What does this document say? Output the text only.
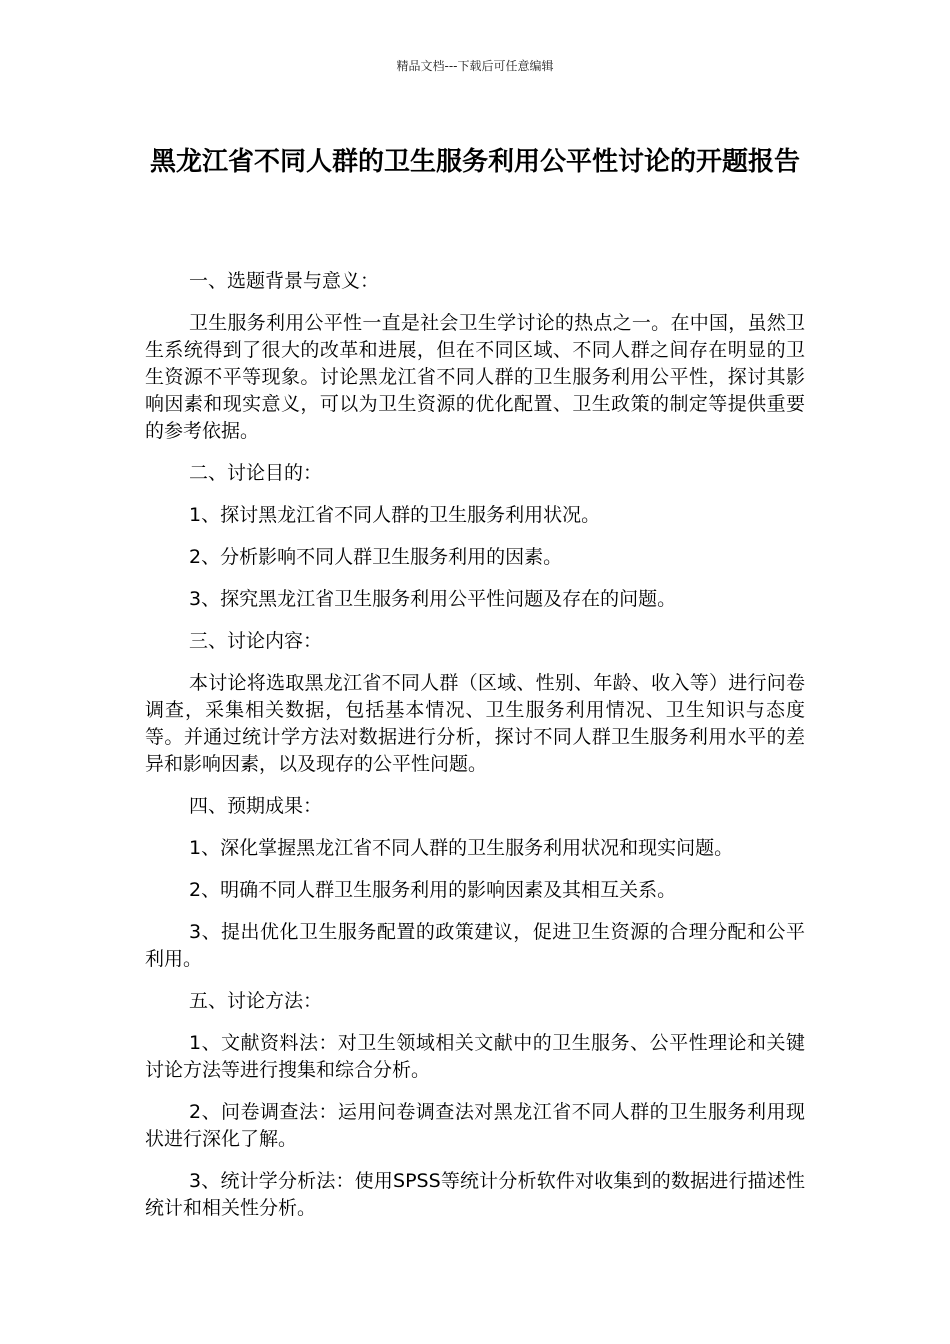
精品文档---下载后可任意编辑
黑龙江省不同人群的卫生服务利用公平性讨论的开题报告

一、选题背景与意义：

卫生服务利用公平性一直是社会卫生学讨论的热点之一。在中国，虽然卫生系统得到了很大的改革和进展，但在不同区域、不同人群之间存在明显的卫生资源不平等现象。讨论黑龙江省不同人群的卫生服务利用公平性，探讨其影响因素和现实意义，可以为卫生资源的优化配置、卫生政策的制定等提供重要的参考依据。

二、讨论目的：

1、探讨黑龙江省不同人群的卫生服务利用状况。

2、分析影响不同人群卫生服务利用的因素。

3、探究黑龙江省卫生服务利用公平性问题及存在的问题。

三、讨论内容：

本讨论将选取黑龙江省不同人群（区域、性别、年龄、收入等）进行问卷调查，采集相关数据，包括基本情况、卫生服务利用情况、卫生知识与态度等。并通过统计学方法对数据进行分析，探讨不同人群卫生服务利用水平的差异和影响因素，以及现存的公平性问题。

四、预期成果：

1、深化掌握黑龙江省不同人群的卫生服务利用状况和现实问题。

2、明确不同人群卫生服务利用的影响因素及其相互关系。

3、提出优化卫生服务配置的政策建议，促进卫生资源的合理分配和公平利用。

五、讨论方法：

1、文献资料法：对卫生领域相关文献中的卫生服务、公平性理论和关键讨论方法等进行搜集和综合分析。

2、问卷调查法：运用问卷调查法对黑龙江省不同人群的卫生服务利用现状进行深化了解。

3、统计学分析法：使用SPSS等统计分析软件对收集到的数据进行描述性统计和相关性分析。
